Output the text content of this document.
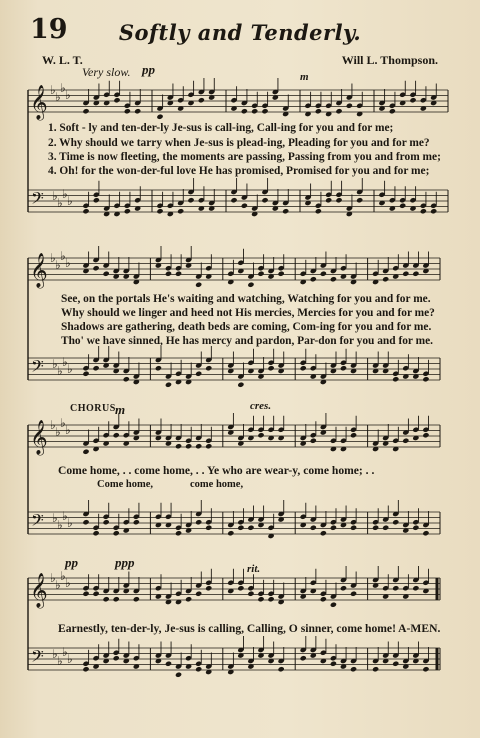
19	Softly and Tenderly.
W. L. T.	Will L. Thompson.
Very slow. pp	m
m	cres.
pp	ppp	rit.
CHORUS.
𝄞
𝄢
♭ ♭
♭ ♭
♭ ♭
♭ ♭
𝄞
𝄢
♭ ♭
♭ ♭
♭ ♭
♭ ♭
𝄞
𝄢
♭ ♭
♭ ♭
♭ ♭
♭ ♭
𝄞
𝄢
♭ ♭
♭ ♭
♭ ♭
♭ ♭
1. Soft - ly and ten-der-ly Je-sus is call-ing, Call-ing for you and for me;
2. Why should we tarry when Je-sus is plead-ing, Pleading for you and for me?
3. Time is now fleeting, the moments are passing, Passing from you and from me;
4. Oh! for the won-der-ful love He has promised, Promised for you and for me;
See, on the portals He's waiting and watching, Watching for you and for me.
Why should we linger and heed not His mercies, Mercies for you and for me?
Shadows are gathering, death beds are coming, Com-ing for you and for me.
Tho' we have sinned, He has mercy and pardon, Par-don for you and for me.
Come home, . . come home, . . Ye who are wear-y, come home; . .
Come home,	come home,
Earnestly, ten-der-ly, Je-sus is calling, Calling, O sinner, come home! A-MEN.
